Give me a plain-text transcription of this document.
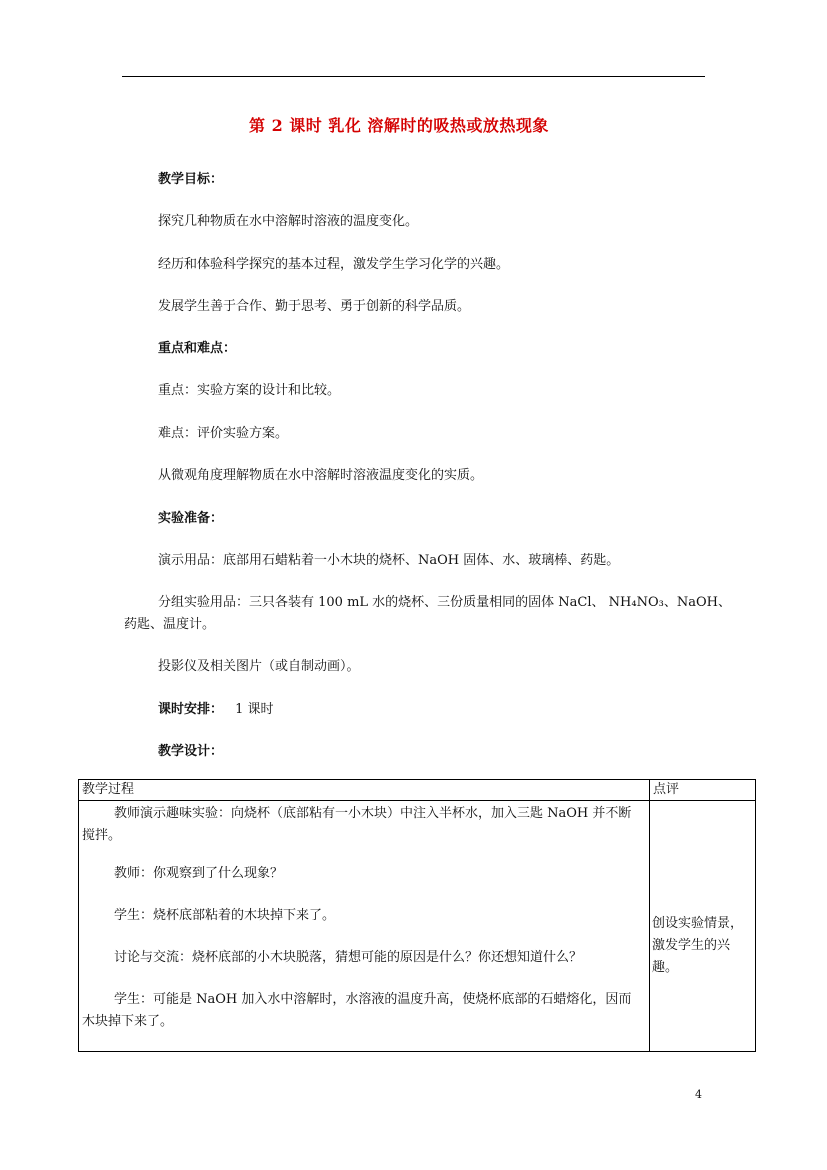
第 2 课时 乳化 溶解时的吸热或放热现象
教学目标：
探究几种物质在水中溶解时溶液的温度变化。
经历和体验科学探究的基本过程，激发学生学习化学的兴趣。
发展学生善于合作、勤于思考、勇于创新的科学品质。
重点和难点：
重点：实验方案的设计和比较。
难点：评价实验方案。
从微观角度理解物质在水中溶解时溶液温度变化的实质。
实验准备：
演示用品：底部用石蜡粘着一小木块的烧杯、NaOH 固体、水、玻璃棒、药匙。
分组实验用品：三只各装有 100 mL 水的烧杯、三份质量相同的固体 NaCl、 NH₄NO₃、NaOH、
药匙、温度计。
投影仪及相关图片（或自制动画）。
课时安排： 1 课时
教学设计：
教学过程	点评

教师演示趣味实验：向烧杯（底部粘有一小木块）中注入半杯水，加入三匙 NaOH 并不断搅拌。
教师：你观察到了什么现象？
学生：烧杯底部粘着的木块掉下来了。
讨论与交流：烧杯底部的小木块脱落，猜想可能的原因是什么？你还想知道什么？
学生：可能是 NaOH 加入水中溶解时，水溶液的温度升高，使烧杯底部的石蜡熔化，因而木块掉下来了。	创设实验情景，激发学生的兴趣。
4
